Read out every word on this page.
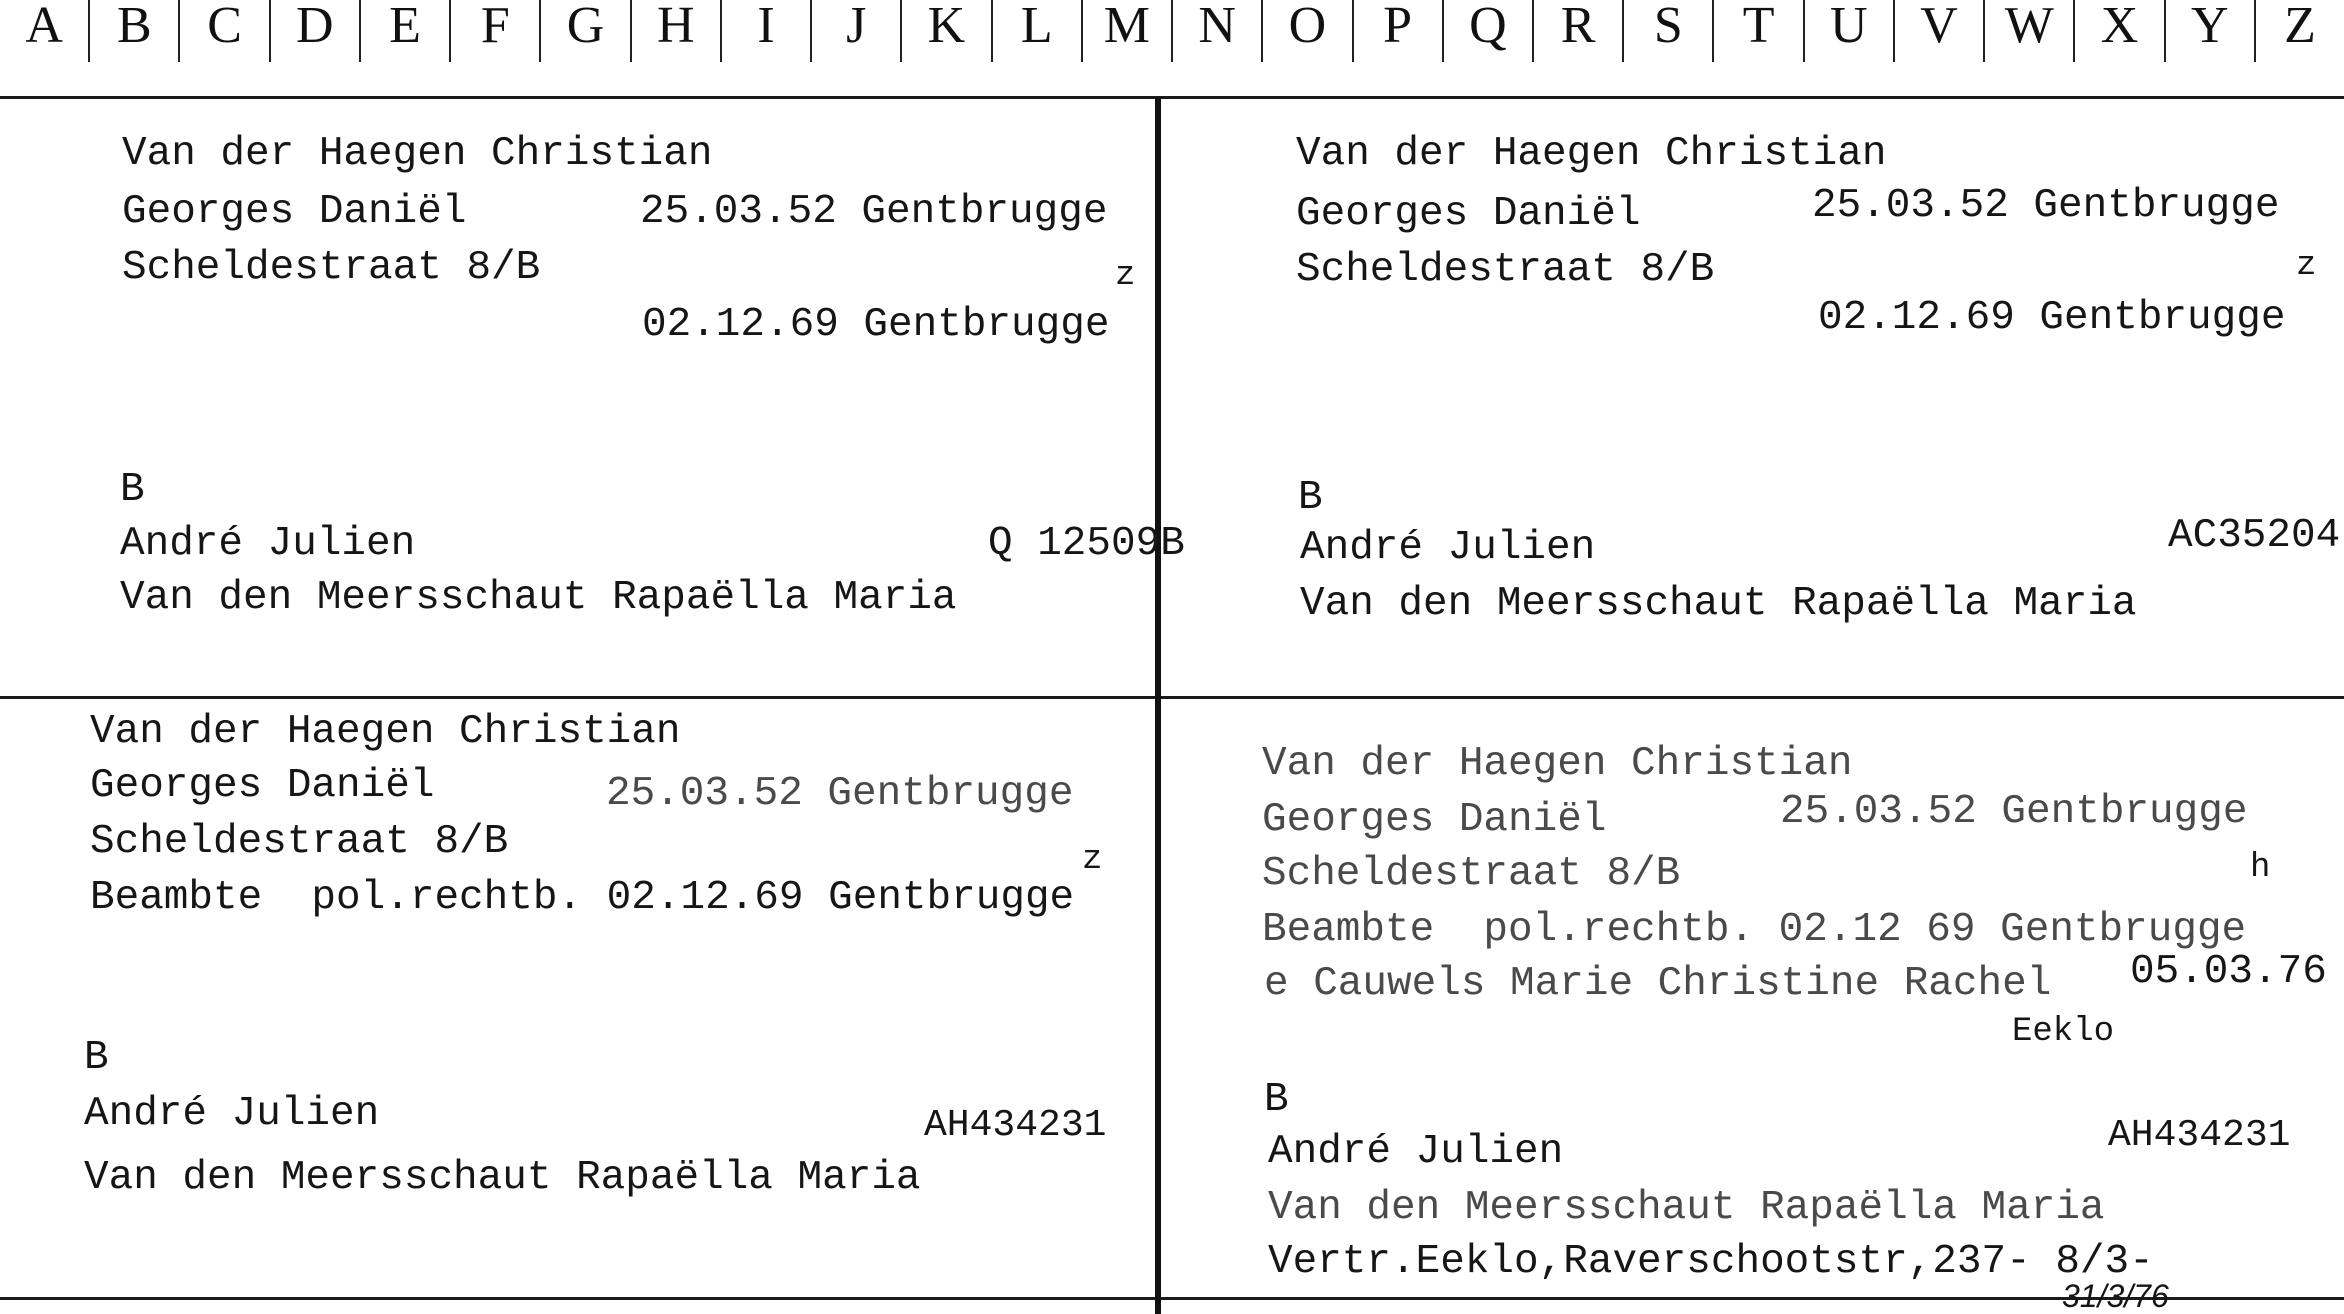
A	B	C	D	E	F	G	H	I	J	K	L M N	O	P	Q	R	S	T	U	V W X	Y	Z
Van der Haegen Christian
Georges Daniël	25.03.52 Gentbrugge
Scheldestraat 8/B	z
02.12.69 Gentbrugge
B
André Julien	Q 12509B
Van den Meersschaut Rapaëlla Maria
Van der Haegen Christian
Georges Daniël	25.03.52 Gentbrugge
Scheldestraat 8/B	z
02.12.69 Gentbrugge
B
André Julien	AC35204
Van den Meersschaut Rapaëlla Maria
Van der Haegen Christian
Georges Daniël	25.03.52 Gentbrugge
Scheldestraat 8/B	z
Beambte  pol.rechtb. 02.12.69 Gentbrugge
B
André Julien	AH434231
Van den Meersschaut Rapaëlla Maria
Van der Haegen Christian
Georges Daniël	25.03.52 Gentbrugge
Scheldestraat 8/B	h
Beambte  pol.rechtb. 02.12 69 Gentbrugge
e Cauwels Marie Christine Rachel 05.03.76
Eeklo
B
André Julien	AH434231
Van den Meersschaut Rapaëlla Maria
Vertr.Eeklo,Raverschootstr,237- 8/3-
31/3/76
